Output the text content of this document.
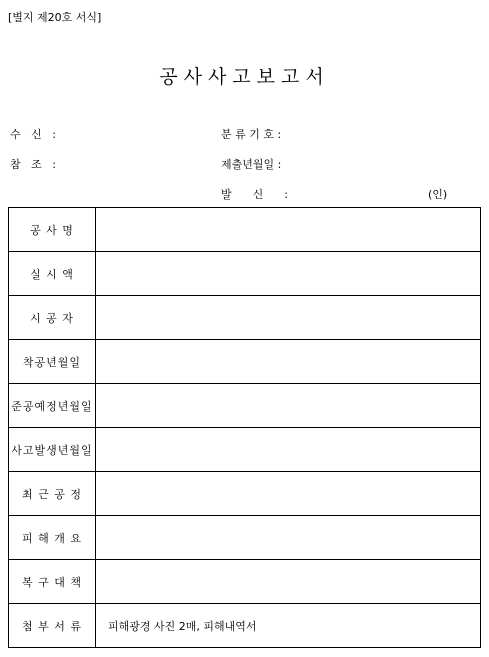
[별지 제20호 서식]
공사사고보고서
수   신   :
참   조   :
분 류 기 호 :
제출년월일 :
발      신      :	(인)
공 사 명	
실 시 액	
시 공 자	
착공년월일	
준공예정년월일	
사고발생년월일	
최 근 공 정	
피 해 개 요	
복 구 대 책	
첨 부 서 류	피해광경 사진 2매, 피해내역서
